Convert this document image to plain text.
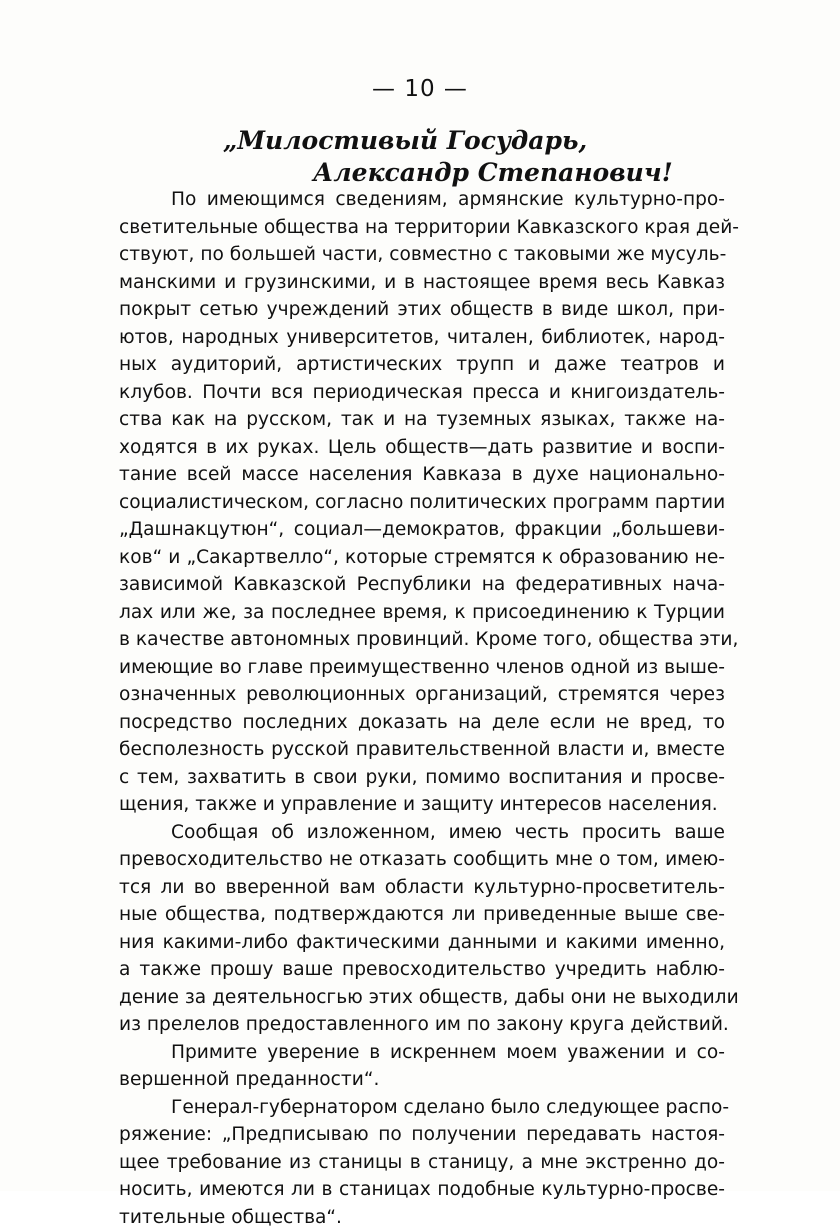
— 10 —
„Милостивый Государь,
Александр Степанович!
По имеющимся сведениям, армянские культурно-про-
светительные общества на территории Кавказского края дей-
ствуют, по большей части, совместно с таковыми же мусуль-
манскими и грузинскими, и в настоящее время весь Кавказ
покрыт сетью учреждений этих обществ в виде школ, при-
ютов, народных университетов, читален, библиотек, народ-
ных аудиторий, артистических трупп и даже театров и
клубов. Почти вся периодическая пресса и книгоиздатель-
ства как на русском, так и на туземных языках, также на-
ходятся в их руках. Цель обществ—дать развитие и воспи-
тание всей массе населения Кавказа в духе национально-
социалистическом, согласно политических программ партии
„Дашнакцутюн“, социал—демократов, фракции „большеви-
ков“ и „Сакартвелло“, которые стремятся к образованию не-
зависимой Кавказской Республики на федеративных нача-
лах или же, за последнее время, к присоединению к Турции
в качестве автономных провинций. Кроме того, общества эти,
имеющие во главе преимущественно членов одной из выше-
означенных революционных организаций, стремятся через
посредство последних доказать на деле если не вред, то
бесполезность русской правительственной власти и, вместе
с тем, захватить в свои руки, помимо воспитания и просве-
щения, также и управление и защиту интересов населения.
Сообщая об изложенном, имею честь просить ваше
превосходительство не отказать сообщить мне о том, имею-
тся ли во вверенной вам области культурно-просветитель-
ные общества, подтверждаются ли приведенные выше све-
ния какими-либо фактическими данными и какими именно,
а также прошу ваше превосходительство учредить наблю-
дение за деятельносгью этих обществ, дабы они не выходили
из прелелов предоставленного им по закону круга действий.
Примите уверение в искреннем моем уважении и со-
вершенной преданности“.
Генерал-губернатором сделано было следующее распо-
ряжение: „Предписываю по получении передавать настоя-
щее требование из станицы в станицу, а мне экстренно до-
носить, имеются ли в станицах подобные культурно-просве-
тительные общества“.
